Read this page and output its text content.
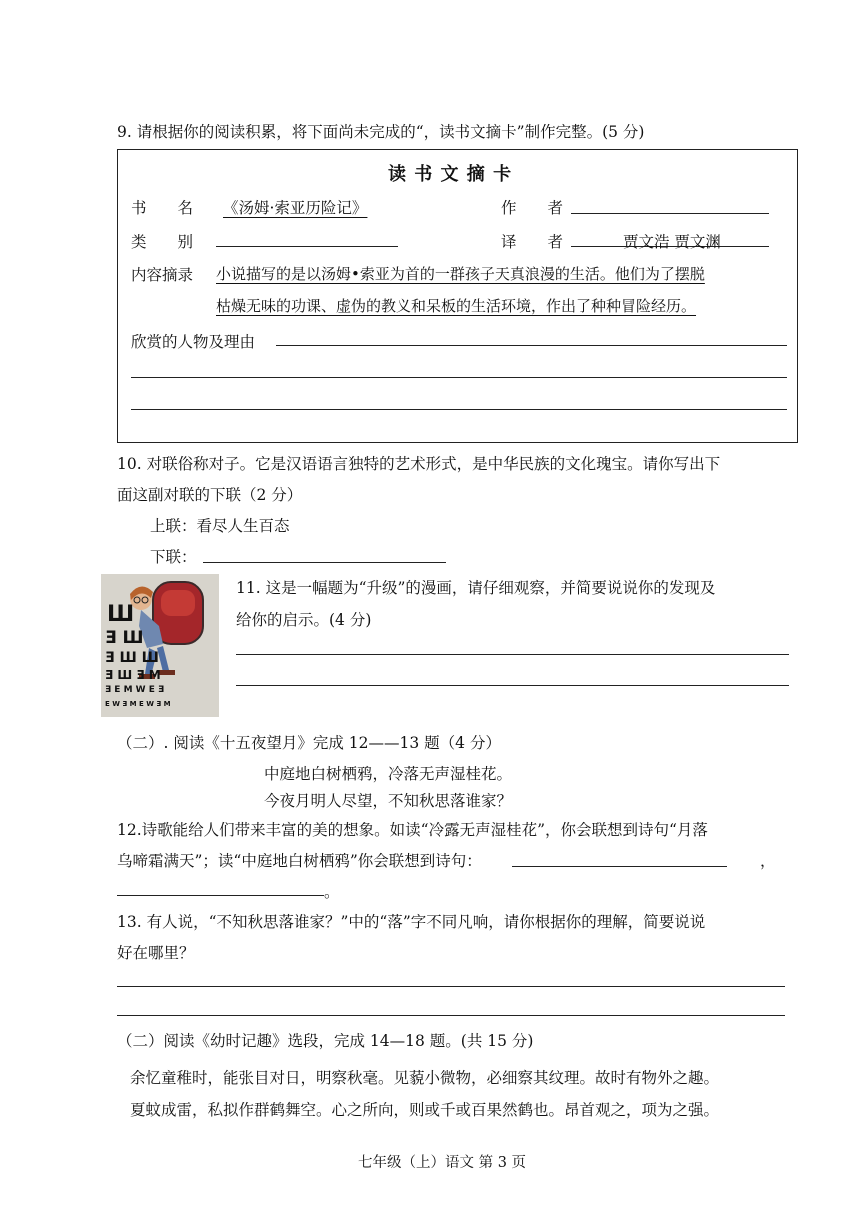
9. 请根据你的阅读积累，将下面尚未完成的“，读书文摘卡”制作完整。(5 分)
读 书 文 摘 卡
书　　名 《汤姆·索亚历险记》	作　　者
类　　别	译　　者	贾文浩 贾文渊
内容摘录 小说描写的是以汤姆•索亚为首的一群孩子天真浪漫的生活。他们为了摆脱
枯燥无味的功课、虚伪的教义和呆板的生活环境，作出了种种冒险经历。
欣赏的人物及理由
10. 对联俗称对子。它是汉语语言独特的艺术形式，是中华民族的文化瑰宝。请你写出下
面这副对联的下联（2 分）
上联：看尽人生百态
下联：
Ш
Ǝ Ш
Ǝ Ш Ш
Ǝ Ш Ǝ M
Ǝ E M W E Ǝ
E W Ǝ M E W Ǝ M
11. 这是一幅题为“升级”的漫画，请仔细观察，并简要说说你的发现及
给你的启示。(4 分)
（二）. 阅读《十五夜望月》完成 12——13 题（4 分）
中庭地白树栖鸦，冷落无声湿桂花。
今夜月明人尽望，不知秋思落谁家？
12.诗歌能给人们带来丰富的美的想象。如读“冷露无声湿桂花”，你会联想到诗句“月落
乌啼霜满天”；读“中庭地白树栖鸦”你会联想到诗句：	，
。
13. 有人说，“不知秋思落谁家？”中的“落”字不同凡响，请你根据你的理解，简要说说
好在哪里？
（二）阅读《幼时记趣》选段，完成 14—18 题。(共 15 分)
余忆童稚时，能张目对日，明察秋毫。见藐小微物，必细察其纹理。故时有物外之趣。
夏蚊成雷，私拟作群鹤舞空。心之所向，则或千或百果然鹤也。昂首观之，项为之强。
七年级（上）语文 第 3 页
